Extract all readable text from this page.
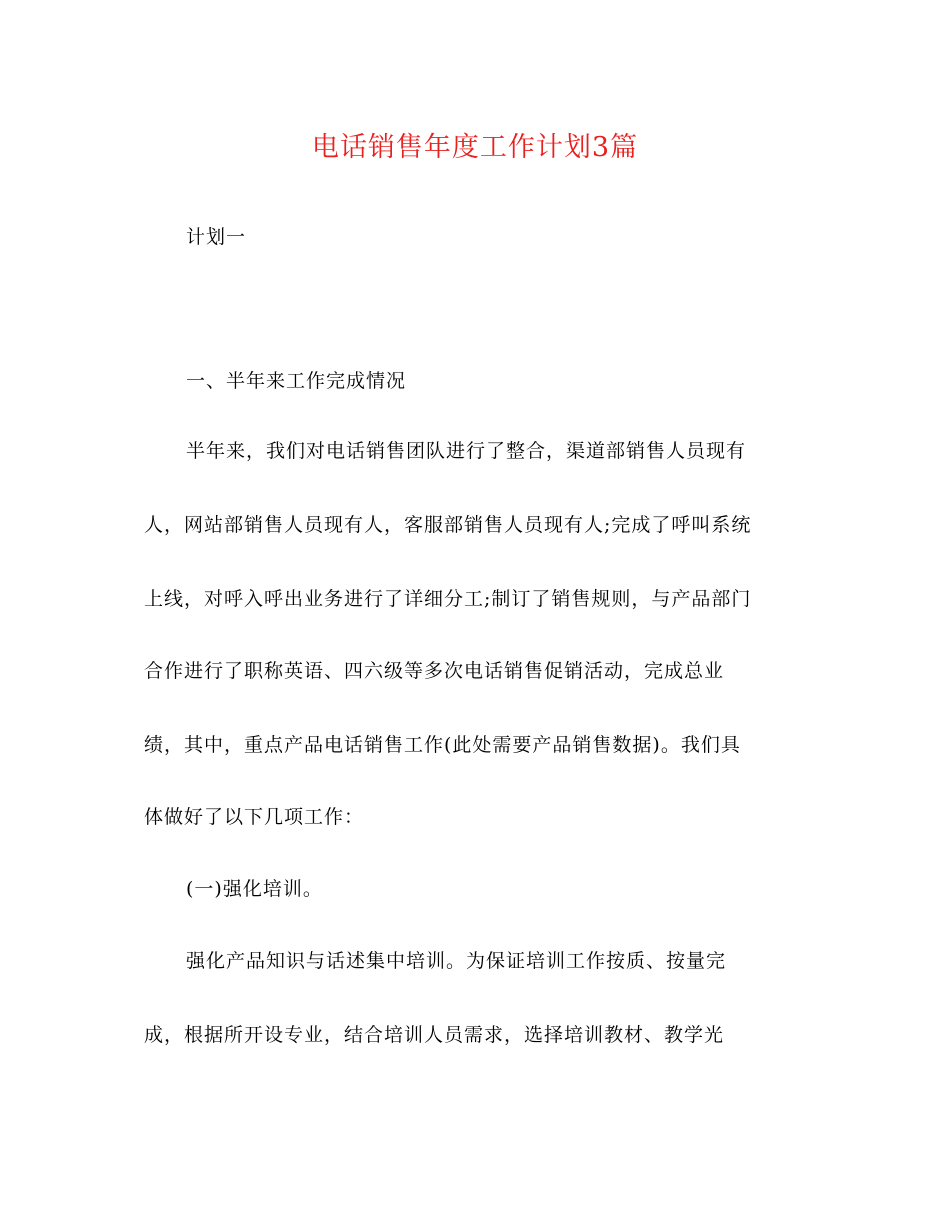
电话销售年度工作计划3篇
计划一
一、半年来工作完成情况
半年来，我们对电话销售团队进行了整合，渠道部销售人员现有
人，网站部销售人员现有人，客服部销售人员现有人;完成了呼叫系统
上线，对呼入呼出业务进行了详细分工;制订了销售规则，与产品部门
合作进行了职称英语、四六级等多次电话销售促销活动，完成总业
绩，其中，重点产品电话销售工作(此处需要产品销售数据)。我们具
体做好了以下几项工作：
(一)强化培训。
强化产品知识与话述集中培训。为保证培训工作按质、按量完
成，根据所开设专业，结合培训人员需求，选择培训教材、教学光
